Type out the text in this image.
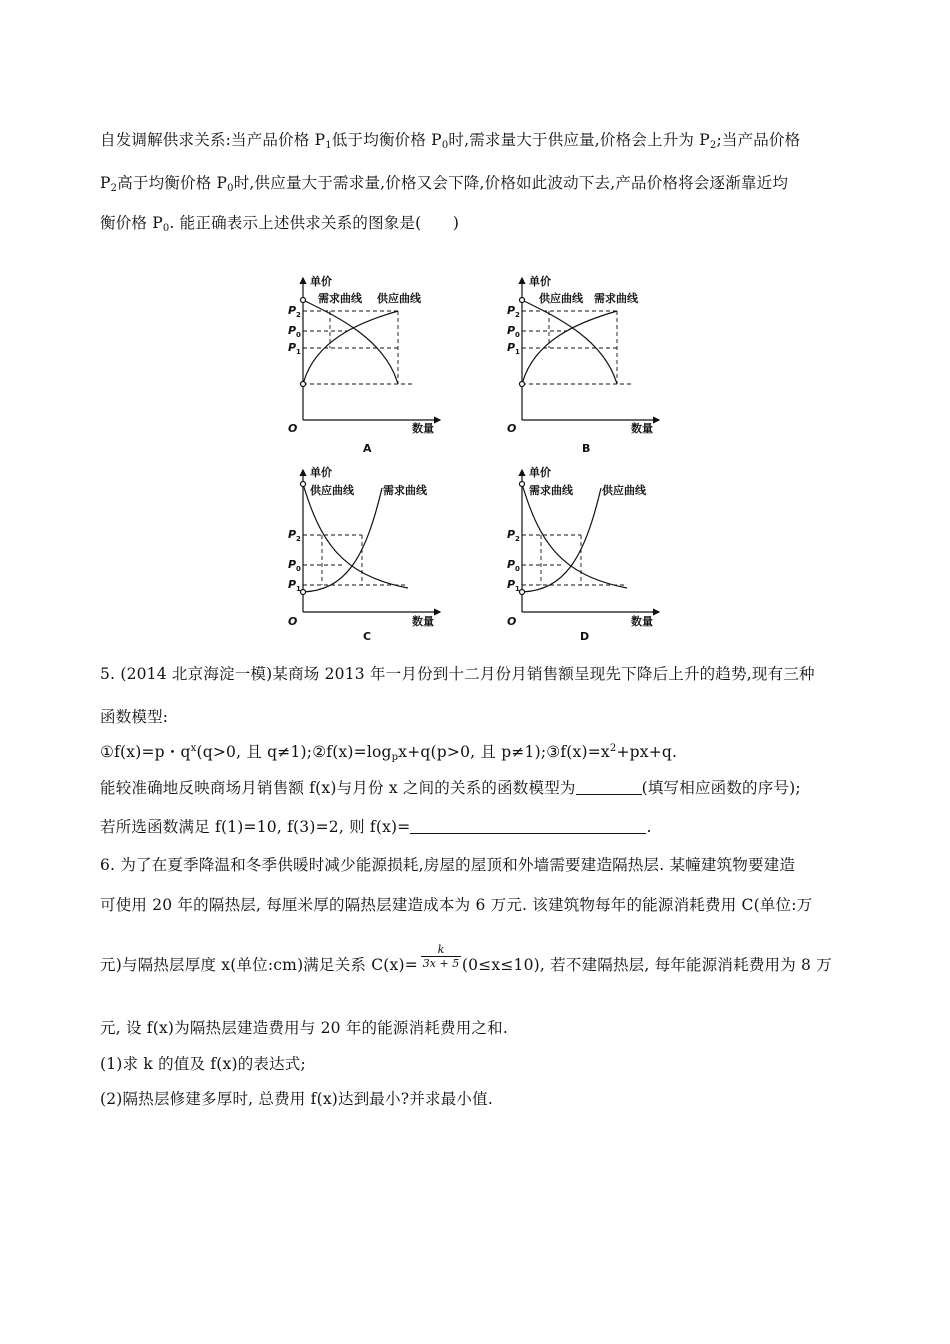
自发调解供求关系:当产品价格 $P_1$低于均衡价格 $P_0$时,需求量大于供应量,价格会上升为 $P_2$;当产品价格
$P_2$高于均衡价格 $P_0$时,供应量大于需求量,价格又会下降,价格如此波动下去,产品价格将会逐渐靠近均
衡价格 $P_0$. 能正确表示上述供求关系的图象是(　　)
单价
数量
O
需求曲线 供应曲线
A
P 2
P 0
P 1
单价
数量
O
供应曲线 需求曲线
B
P 2
P 0
P 1
单价
数量
O
供应曲线	需求曲线
C
P 2
P 0
P 1
单价
数量
O
需求曲线	供应曲线
D
P 2
P 0
P 1
5. (2014 北京海淀一模)某商场 2013 年一月份到十二月份月销售额呈现先下降后上升的趋势,现有三种
函数模型:
①f(x)=p・$q^x(q>0$, 且 $q\ne 1);②f(x)=\log_px+q(p>0$, 且 $p\ne 1);③f(x)=x^2+px+q$.
能较准确地反映商场月销售额 f(x)与月份 x 之间的关系的函数模型为	(填写相应函数的序号);
若所选函数满足 f(1)=10, f(3)=2, 则 f(x)=	.
6. 为了在夏季降温和冬季供暖时减少能源损耗,房屋的屋顶和外墙需要建造隔热层. 某幢建筑物要建造
可使用 20 年的隔热层, 每厘米厚的隔热层建造成本为 6 万元. 该建筑物每年的能源消耗费用 C(单位:万
元)与隔热层厚度 x(单位:cm)满足关系 C(x)=	(0≤x≤10), 若不建隔热层, 每年能源消耗费用为 8 万
$\frac{k}{3x + 5}$
元, 设 f(x)为隔热层建造费用与 20 年的能源消耗费用之和.
(1)求 k 的值及 f(x)的表达式;
(2)隔热层修建多厚时, 总费用 f(x)达到最小?并求最小值.
